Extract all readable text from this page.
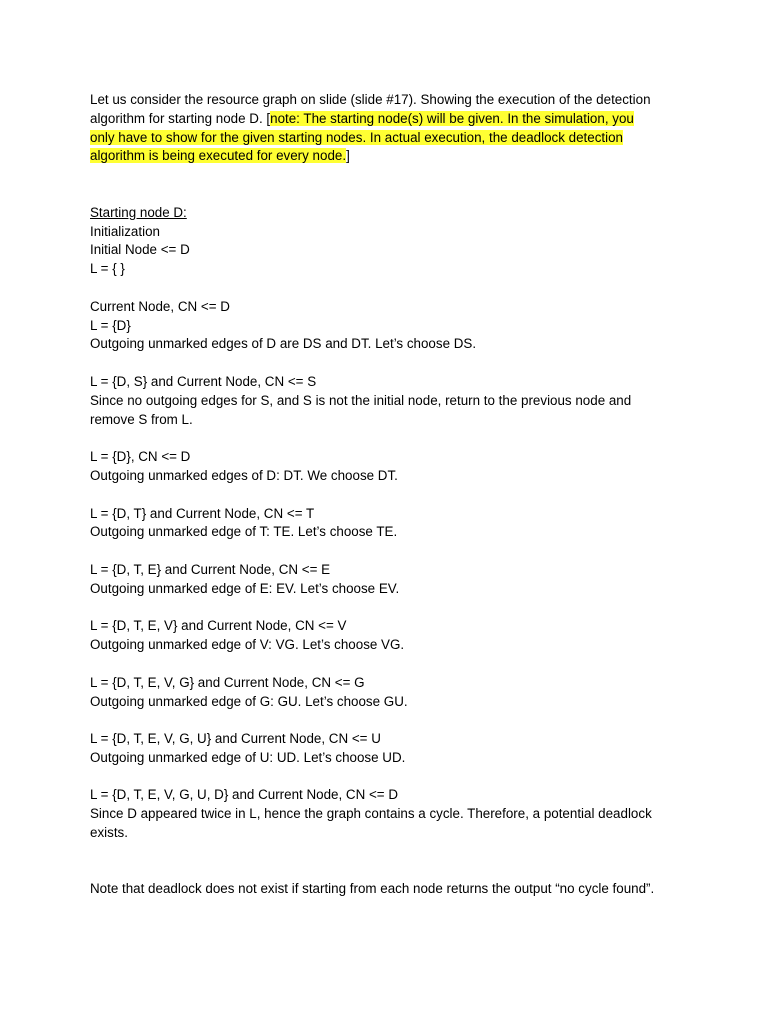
Let us consider the resource graph on slide (slide #17). Showing the execution of the detection
algorithm for starting node D. [note: The starting node(s) will be given. In the simulation, you
only have to show for the given starting nodes. In actual execution, the deadlock detection
algorithm is being executed for every node.]
Starting node D:
Initialization
Initial Node <= D
L = { }
Current Node, CN <= D
L = {D}
Outgoing unmarked edges of D are DS and DT. Let’s choose DS.
L = {D, S} and Current Node, CN <= S
Since no outgoing edges for S, and S is not the initial node, return to the previous node and
remove S from L.
L = {D}, CN <= D
Outgoing unmarked edges of D: DT. We choose DT.
L = {D, T} and Current Node, CN <= T
Outgoing unmarked edge of T: TE. Let’s choose TE.
L = {D, T, E} and Current Node, CN <= E
Outgoing unmarked edge of E: EV. Let’s choose EV.
L = {D, T, E, V} and Current Node, CN <= V
Outgoing unmarked edge of V: VG. Let’s choose VG.
L = {D, T, E, V, G} and Current Node, CN <= G
Outgoing unmarked edge of G: GU. Let’s choose GU.
L = {D, T, E, V, G, U} and Current Node, CN <= U
Outgoing unmarked edge of U: UD. Let’s choose UD.
L = {D, T, E, V, G, U, D} and Current Node, CN <= D
Since D appeared twice in L, hence the graph contains a cycle. Therefore, a potential deadlock
exists.
Note that deadlock does not exist if starting from each node returns the output “no cycle found”.
